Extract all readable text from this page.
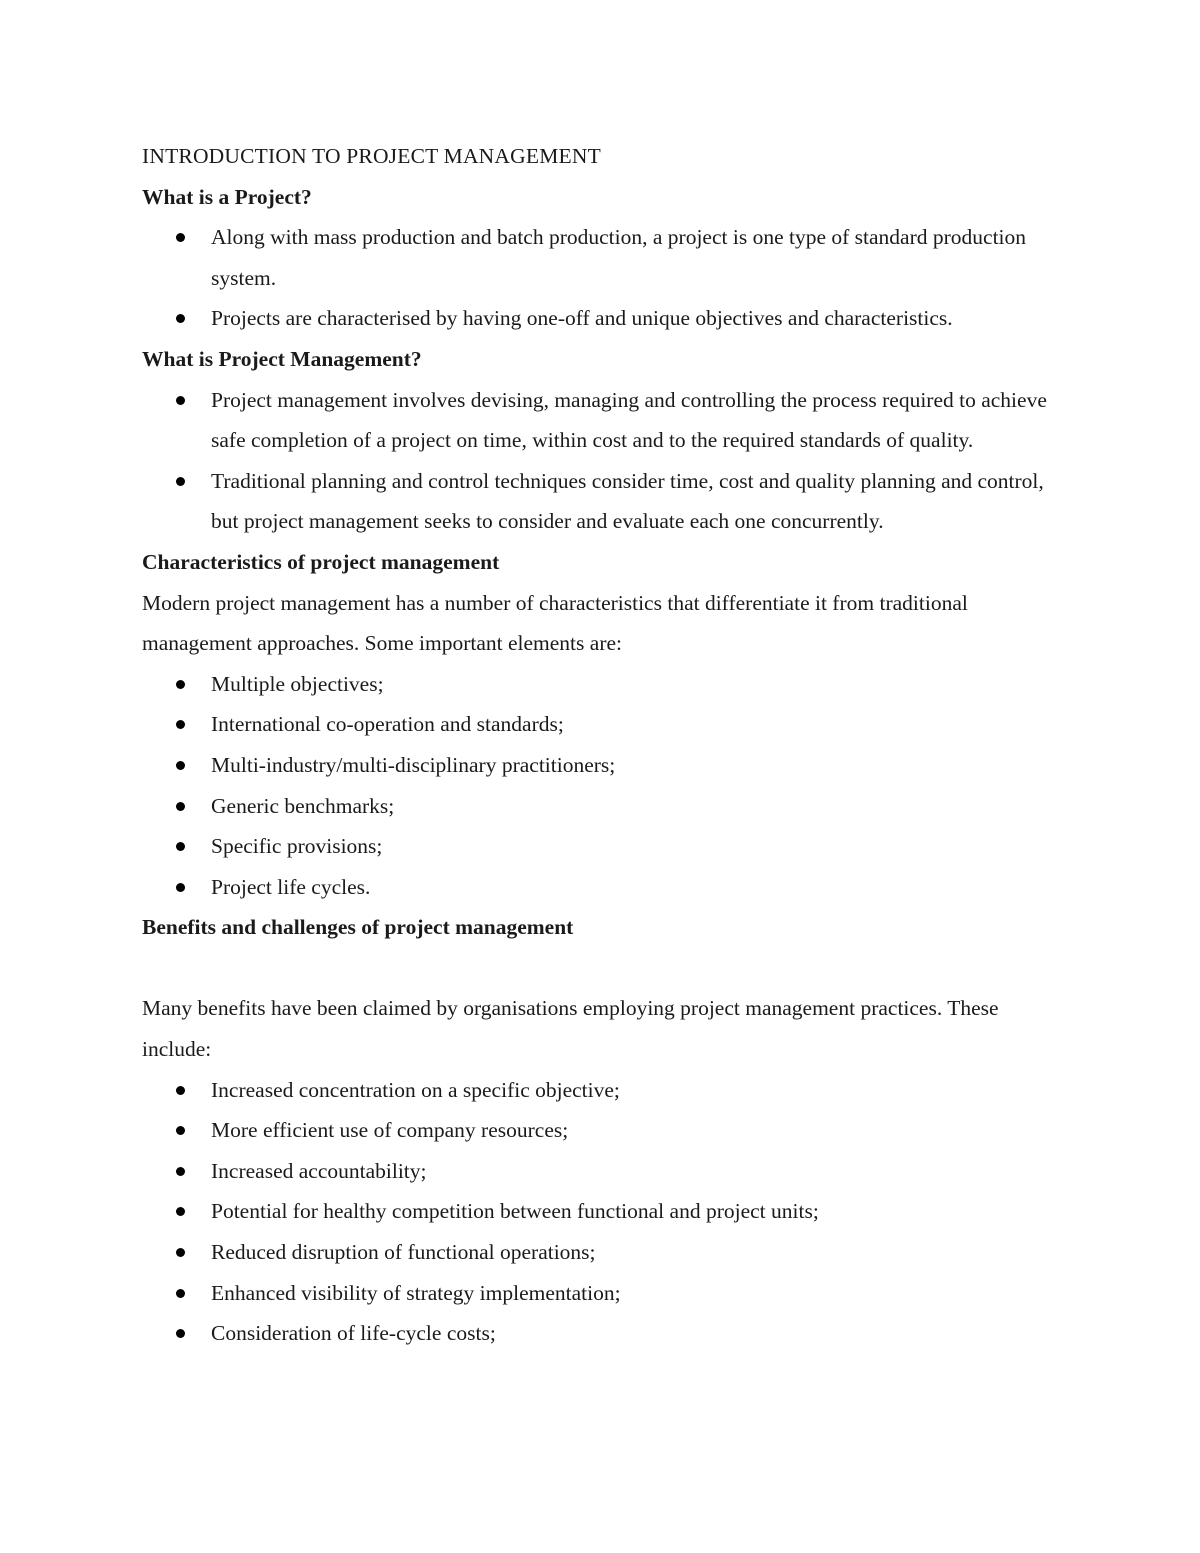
INTRODUCTION TO PROJECT MANAGEMENT

What is a Project?

Along with mass production and batch production, a project is one type of standard production system.
Projects are characterised by having one-off and unique objectives and characteristics.

What is Project Management?

Project management involves devising, managing and controlling the process required to achieve safe completion of a project on time, within cost and to the required standards of quality.
Traditional planning and control techniques consider time, cost and quality planning and control, but project management seeks to consider and evaluate each one concurrently.

Characteristics of project management

Modern project management has a number of characteristics that differentiate it from traditional management approaches. Some important elements are:

Multiple objectives;
International co-operation and standards;
Multi-industry/multi-disciplinary practitioners;
Generic benchmarks;
Specific provisions;
Project life cycles.

Benefits and challenges of project management

Many benefits have been claimed by organisations employing project management practices. These include:

Increased concentration on a specific objective;
More efficient use of company resources;
Increased accountability;
Potential for healthy competition between functional and project units;
Reduced disruption of functional operations;
Enhanced visibility of strategy implementation;
Consideration of life-cycle costs;
